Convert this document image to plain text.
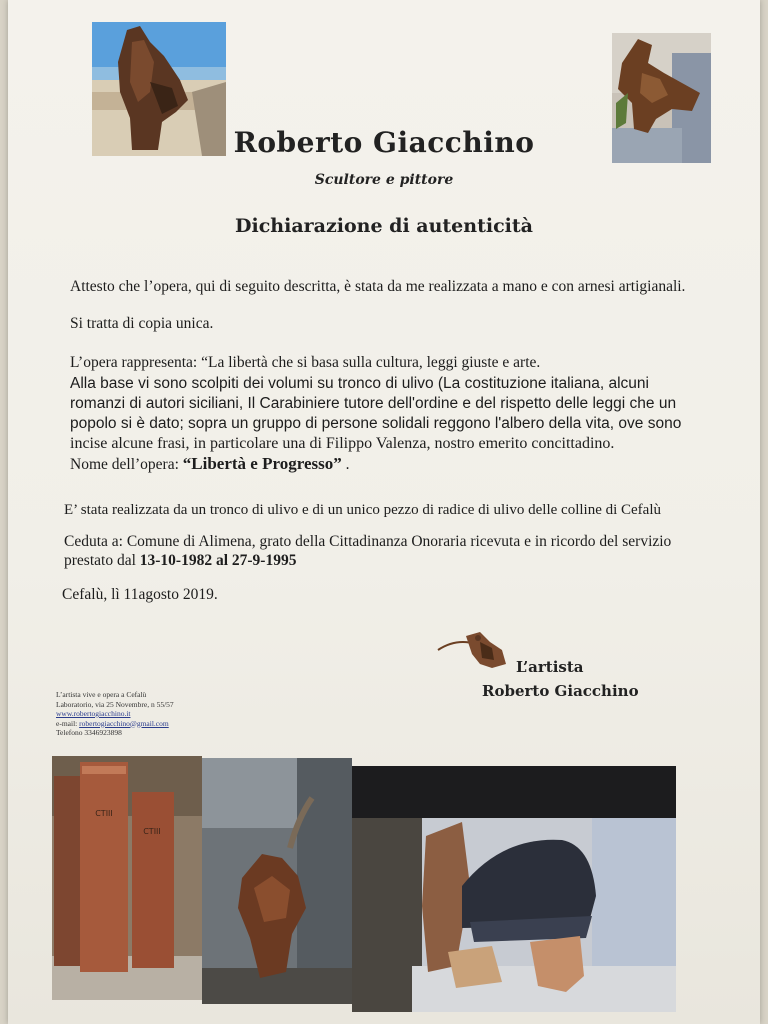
Roberto Giacchino
Scultore e pittore
Dichiarazione di autenticità
Attesto che l’opera, qui di seguito descritta, è stata da me realizzata a mano e con arnesi artigianali.
Si tratta di copia unica.
L’opera rappresenta: “La libertà che si basa sulla cultura, leggi giuste e arte.
Alla base vi sono scolpiti dei volumi su tronco di ulivo (La costituzione italiana, alcuni
romanzi di autori siciliani, Il Carabiniere tutore dell'ordine e del rispetto delle leggi che un
popolo si è dato; sopra un gruppo di persone solidali reggono l'albero della vita, ove sono
incise alcune frasi, in particolare una di Filippo Valenza, nostro emerito concittadino.
Nome dell’opera: “Libertà e Progresso” .
E’ stata realizzata da un tronco di ulivo e di un unico pezzo di radice di ulivo delle colline di Cefalù
Ceduta a: Comune di Alimena, grato della Cittadinanza Onoraria ricevuta e in ricordo del servizio
prestato dal 13-10-1982 al 27-9-1995
Cefalù, lì 11agosto 2019.
L’artista
Roberto Giacchino
L’artista vive e opera a Cefalù
Laboratorio, via 25 Novembre, n 55/57
www.robertogiacchino.it
e-mail: robertogiacchino@gmail.com
Telefono 3346923898
CTIII
CTIII
